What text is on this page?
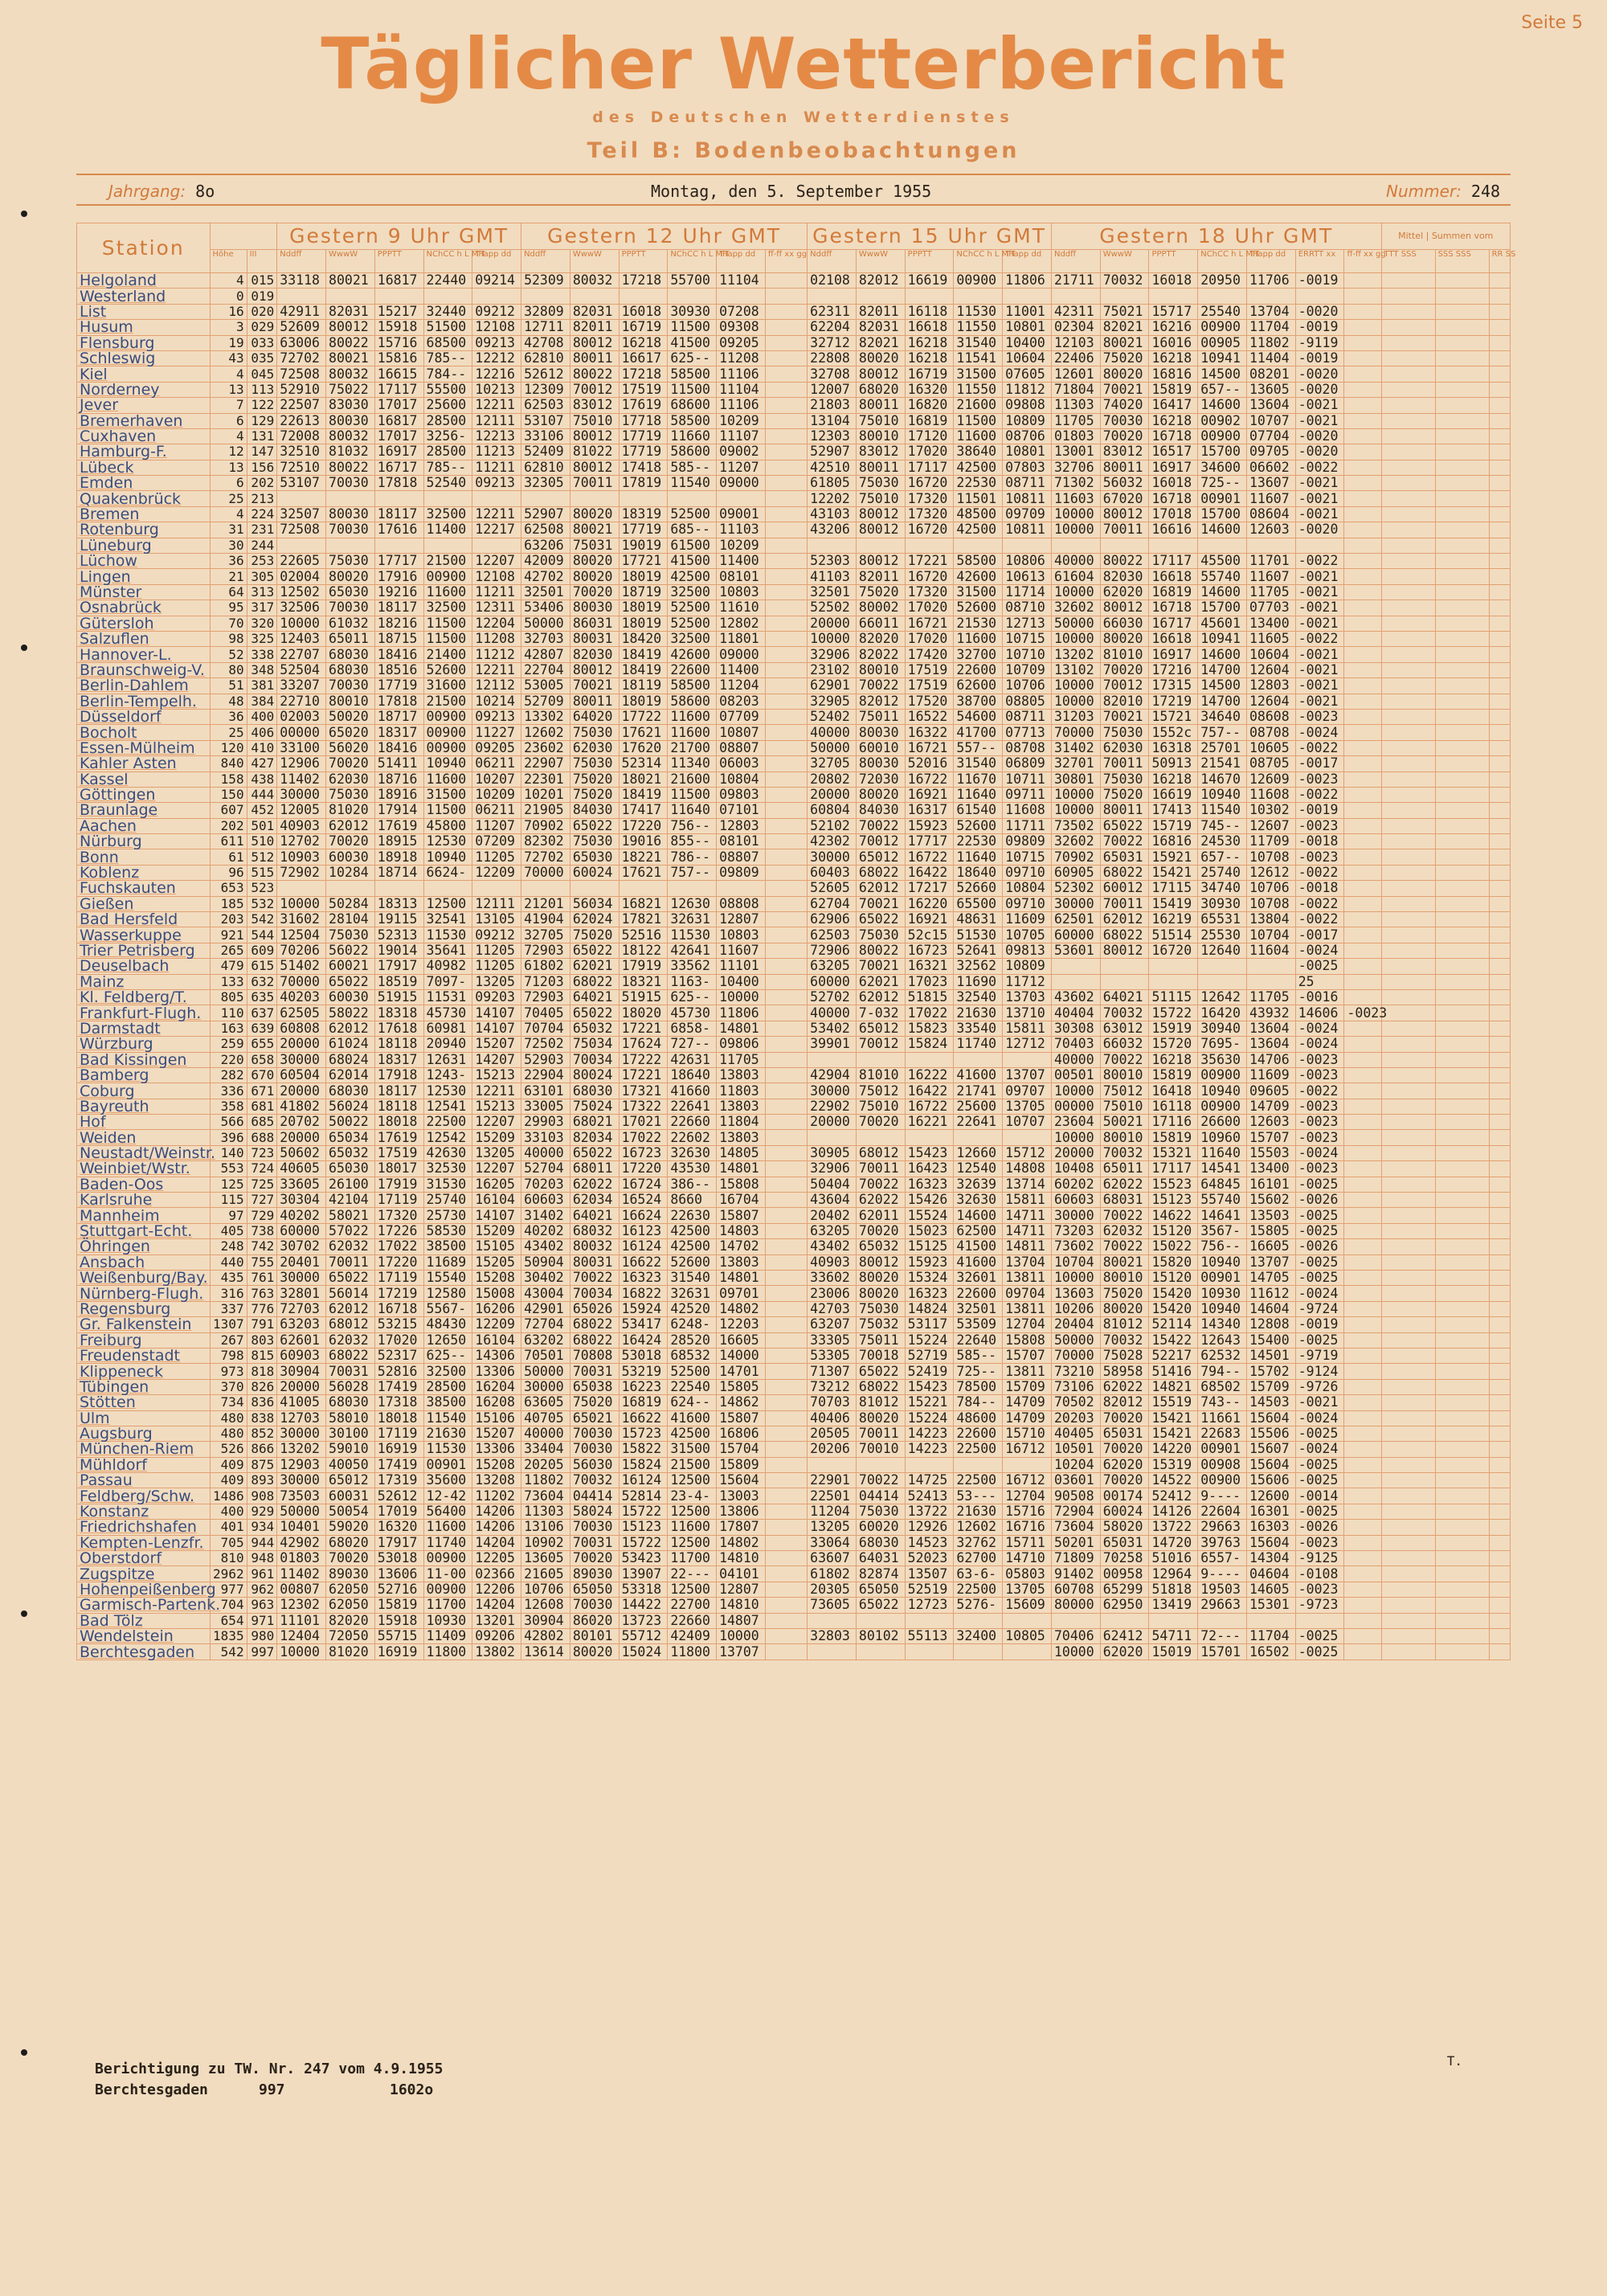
Seite 5
Täglicher Wetterbericht
des Deutschen Wetterdienstes
Teil B: Bodenbeobachtungen
Jahrgang: 8o	Montag, den 5. September 1955	Nummer: 248
Station			Gestern 9 Uhr GMT					Gestern 12 Uhr GMT						Gestern 15 Uhr GMT					Gestern 18 Uhr GMT							Mittel | Summen vom		
	Höhe	III	Nddff	WwwW	PPPTT	NChCC h L MH	TTapp dd	Nddff	WwwW	PPPTT	NChCC h L MH	TTapp dd	ff-ff xx gg	Nddff	WwwW	PPPTT	NChCC h L MH	TTapp dd	Nddff	WwwW	PPPTT	NChCC h L MH	TTapp dd	ERRTT xx	ff-ff xx gg	TTT SSS	SSS SSS	RR SS
Helgoland	4	015	33118	80021	16817	22440	09214	52309	80032	17218	55700	11104		02108	82012	16619	00900	11806	21711	70032	16018	20950	11706	-0019				
Westerland	0	019																										
List	16	020	42911	82031	15217	32440	09212	32809	82031	16018	30930	07208		62311	82011	16118	11530	11001	42311	75021	15717	25540	13704	-0020				
Husum	3	029	52609	80012	15918	51500	12108	12711	82011	16719	11500	09308		62204	82031	16618	11550	10801	02304	82021	16216	00900	11704	-0019				
Flensburg	19	033	63006	80022	15716	68500	09213	42708	80012	16218	41500	09205		32712	82021	16218	31540	10400	12103	80021	16016	00905	11802	-9119				
Schleswig	43	035	72702	80021	15816	785--	12212	62810	80011	16617	625--	11208		22808	80020	16218	11541	10604	22406	75020	16218	10941	11404	-0019				
Kiel	4	045	72508	80032	16615	784--	12216	52612	80022	17218	58500	11106		32708	80012	16719	31500	07605	12601	80020	16816	14500	08201	-0020				
Norderney	13	113	52910	75022	17117	55500	10213	12309	70012	17519	11500	11104		12007	68020	16320	11550	11812	71804	70021	15819	657--	13605	-0020				
Jever	7	122	22507	83030	17017	25600	12211	62503	83012	17619	68600	11106		21803	80011	16820	21600	09808	11303	74020	16417	14600	13604	-0021				
Bremerhaven	6	129	22613	80030	16817	28500	12111	53107	75010	17718	58500	10209		13104	75010	16819	11500	10809	11705	70030	16218	00902	10707	-0021				
Cuxhaven	4	131	72008	80032	17017	3256-	12213	33106	80012	17719	11660	11107		12303	80010	17120	11600	08706	01803	70020	16718	00900	07704	-0020				
Hamburg-F.	12	147	32510	81032	16917	28500	11213	52409	81022	17719	58600	09002		52907	83012	17020	38640	10801	13001	83012	16517	15700	09705	-0020				
Lübeck	13	156	72510	80022	16717	785--	11211	62810	80012	17418	585--	11207		42510	80011	17117	42500	07803	32706	80011	16917	34600	06602	-0022				
Emden	6	202	53107	70030	17818	52540	09213	32305	70011	17819	11540	09000		61805	75030	16720	22530	08711	71302	56032	16018	725--	13607	-0021				
Quakenbrück	25	213												12202	75010	17320	11501	10811	11603	67020	16718	00901	11607	-0021				
Bremen	4	224	32507	80030	18117	32500	12211	52907	80020	18319	52500	09001		43103	80012	17320	48500	09709	10000	80012	17018	15700	08604	-0021				
Rotenburg	31	231	72508	70030	17616	11400	12217	62508	80021	17719	685--	11103		43206	80012	16720	42500	10811	10000	70011	16616	14600	12603	-0020				
Lüneburg	30	244						63206	75031	19019	61500	10209																
Lüchow	36	253	22605	75030	17717	21500	12207	42009	80020	17721	41500	11400		52303	80012	17221	58500	10806	40000	80022	17117	45500	11701	-0022				
Lingen	21	305	02004	80020	17916	00900	12108	42702	80020	18019	42500	08101		41103	82011	16720	42600	10613	61604	82030	16618	55740	11607	-0021				
Münster	64	313	12502	65030	19216	11600	11211	32501	70020	18719	32500	10803		32501	75020	17320	31500	11714	10000	62020	16819	14600	11705	-0021				
Osnabrück	95	317	32506	70030	18117	32500	12311	53406	80030	18019	52500	11610		52502	80002	17020	52600	08710	32602	80012	16718	15700	07703	-0021				
Gütersloh	70	320	10000	61032	18216	11500	12204	50000	86031	18019	52500	12802		20000	66011	16721	21530	12713	50000	66030	16717	45601	13400	-0021				
Salzuflen	98	325	12403	65011	18715	11500	11208	32703	80031	18420	32500	11801		10000	82020	17020	11600	10715	10000	80020	16618	10941	11605	-0022				
Hannover-L.	52	338	22707	68030	18416	21400	11212	42807	82030	18419	42600	09000		32906	82022	17420	32700	10710	13202	81010	16917	14600	10604	-0021				
Braunschweig-V.	80	348	52504	68030	18516	52600	12211	22704	80012	18419	22600	11400		23102	80010	17519	22600	10709	13102	70020	17216	14700	12604	-0021				
Berlin-Dahlem	51	381	33207	70030	17719	31600	12112	53005	70021	18119	58500	11204		62901	70022	17519	62600	10706	10000	70012	17315	14500	12803	-0021				
Berlin-Tempelh.	48	384	22710	80010	17818	21500	10214	52709	80011	18019	58600	08203		32905	82012	17520	38700	08805	10000	82010	17219	14700	12604	-0021				
Düsseldorf	36	400	02003	50020	18717	00900	09213	13302	64020	17722	11600	07709		52402	75011	16522	54600	08711	31203	70021	15721	34640	08608	-0023				
Bocholt	25	406	00000	65020	18317	00900	11227	12602	75030	17621	11600	10807		40000	80030	16322	41700	07713	70000	75030	1552c	757--	08708	-0024				
Essen-Mülheim	120	410	33100	56020	18416	00900	09205	23602	62030	17620	21700	08807		50000	60010	16721	557--	08708	31402	62030	16318	25701	10605	-0022				
Kahler Asten	840	427	12906	70020	51411	10940	06211	22907	75030	52314	11340	06003		32705	80030	52016	31540	06809	32701	70011	50913	21541	08705	-0017				
Kassel	158	438	11402	62030	18716	11600	10207	22301	75020	18021	21600	10804		20802	72030	16722	11670	10711	30801	75030	16218	14670	12609	-0023				
Göttingen	150	444	30000	75030	18916	31500	10209	10201	75020	18419	11500	09803		20000	80020	16921	11640	09711	10000	75020	16619	10940	11608	-0022				
Braunlage	607	452	12005	81020	17914	11500	06211	21905	84030	17417	11640	07101		60804	84030	16317	61540	11608	10000	80011	17413	11540	10302	-0019				
Aachen	202	501	40903	62012	17619	45800	11207	70902	65022	17220	756--	12803		52102	70022	15923	52600	11711	73502	65022	15719	745--	12607	-0023				
Nürburg	611	510	12702	70020	18915	12530	07209	82302	75030	19016	855--	08101		42302	70012	17717	22530	09809	32602	70022	16816	24530	11709	-0018				
Bonn	61	512	10903	60030	18918	10940	11205	72702	65030	18221	786--	08807		30000	65012	16722	11640	10715	70902	65031	15921	657--	10708	-0023				
Koblenz	96	515	72902	10284	18714	6624-	12209	70000	60024	17621	757--	09809		60403	68022	16422	18640	09710	60905	68022	15421	25740	12612	-0022				
Fuchskauten	653	523												52605	62012	17217	52660	10804	52302	60012	17115	34740	10706	-0018				
Gießen	185	532	10000	50284	18313	12500	12111	21201	56034	16821	12630	08808		62704	70021	16220	65500	09710	30000	70011	15419	30930	10708	-0022				
Bad Hersfeld	203	542	31602	28104	19115	32541	13105	41904	62024	17821	32631	12807		62906	65022	16921	48631	11609	62501	62012	16219	65531	13804	-0022				
Wasserkuppe	921	544	12504	75030	52313	11530	09212	32705	75020	52516	11530	10803		62503	75030	52c15	51530	10705	60000	68022	51514	25530	10704	-0017				
Trier Petrisberg	265	609	70206	56022	19014	35641	11205	72903	65022	18122	42641	11607		72906	80022	16723	52641	09813	53601	80012	16720	12640	11604	-0024				
Deuselbach	479	615	51402	60021	17917	40982	11205	61802	62021	17919	33562	11101		63205	70021	16321	32562	10809						-0025				
Mainz	133	632	70000	65022	18519	7097-	13205	71203	68022	18321	1163-	10400		60000	62021	17023	11690	11712						25				
Kl. Feldberg/T.	805	635	40203	60030	51915	11531	09203	72903	64021	51915	625--	10000		52702	62012	51815	32540	13703	43602	64021	51115	12642	11705	-0016				
Frankfurt-Flugh.	110	637	62505	58022	18318	45730	14107	70405	65022	18020	45730	11806		40000	7-032	17022	21630	13710	40404	70032	15722	16420	43932	14606	-0023			
Darmstadt	163	639	60808	62012	17618	60981	14107	70704	65032	17221	6858-	14801		53402	65012	15823	33540	15811	30308	63012	15919	30940	13604	-0024				
Würzburg	259	655	20000	61024	18118	20940	15207	72502	75034	17624	727--	09806		39901	70012	15824	11740	12712	70403	66032	15720	7695-	13604	-0024				
Bad Kissingen	220	658	30000	68024	18317	12631	14207	52903	70034	17222	42631	11705							40000	70022	16218	35630	14706	-0023				
Bamberg	282	670	60504	62014	17918	1243-	15213	22904	80024	17221	18640	13803		42904	81010	16222	41600	13707	00501	80010	15819	00900	11609	-0023				
Coburg	336	671	20000	68030	18117	12530	12211	63101	68030	17321	41660	11803		30000	75012	16422	21741	09707	10000	75012	16418	10940	09605	-0022				
Bayreuth	358	681	41802	56024	18118	12541	15213	33005	75024	17322	22641	13803		22902	75010	16722	25600	13705	00000	75010	16118	00900	14709	-0023				
Hof	566	685	20702	50022	18018	22500	12207	29903	68021	17021	22660	11804		20000	70020	16221	22641	10707	23604	50021	17116	26600	12603	-0023				
Weiden	396	688	20000	65034	17619	12542	15209	33103	82034	17022	22602	13803							10000	80010	15819	10960	15707	-0023				
Neustadt/Weinstr.	140	723	50602	65032	17519	42630	13205	40000	65022	16723	32630	14805		30905	68012	15423	12660	15712	20000	70032	15321	11640	15503	-0024				
Weinbiet/Wstr.	553	724	40605	65030	18017	32530	12207	52704	68011	17220	43530	14801		32906	70011	16423	12540	14808	10408	65011	17117	14541	13400	-0023				
Baden-Oos	125	725	33605	26100	17919	31530	16205	70203	62022	16724	386--	15808		50404	70022	16323	32639	13714	60202	62022	15523	64845	16101	-0025				
Karlsruhe	115	727	30304	42104	17119	25740	16104	60603	62034	16524	8660	16704		43604	62022	15426	32630	15811	60603	68031	15123	55740	15602	-0026				
Mannheim	97	729	40202	58021	17320	25730	14107	31402	64021	16624	22630	15807		20402	62011	15524	14600	14711	30000	70022	14622	14641	13503	-0025				
Stuttgart-Echt.	405	738	60000	57022	17226	58530	15209	40202	68032	16123	42500	14803		63205	70020	15023	62500	14711	73203	62032	15120	3567-	15805	-0025				
Öhringen	248	742	30702	62032	17022	38500	15105	43402	80032	16124	42500	14702		43402	65032	15125	41500	14811	73602	70022	15022	756--	16605	-0026				
Ansbach	440	755	20401	70011	17220	11689	15205	50904	80031	16622	52600	13803		40903	80012	15923	41600	13704	10704	80021	15820	10940	13707	-0025				
Weißenburg/Bay.	435	761	30000	65022	17119	15540	15208	30402	70022	16323	31540	14801		33602	80020	15324	32601	13811	10000	80010	15120	00901	14705	-0025				
Nürnberg-Flugh.	316	763	32801	56014	17219	12580	15008	43004	70034	16822	32631	09701		23006	80020	16323	22600	09704	13603	75020	15420	10930	11612	-0024				
Regensburg	337	776	72703	62012	16718	5567-	16206	42901	65026	15924	42520	14802		42703	75030	14824	32501	13811	10206	80020	15420	10940	14604	-9724				
Gr. Falkenstein	1307	791	63203	68012	53215	48430	12209	72704	68022	53417	6248-	12203		63207	75032	53117	53509	12704	20404	81012	52114	14340	12808	-0019				
Freiburg	267	803	62601	62032	17020	12650	16104	63202	68022	16424	28520	16605		33305	75011	15224	22640	15808	50000	70032	15422	12643	15400	-0025				
Freudenstadt	798	815	60903	68022	52317	625--	14306	70501	70808	53018	68532	14000		53305	70018	52719	585--	15707	70000	75028	52217	62532	14501	-9719				
Klippeneck	973	818	30904	70031	52816	32500	13306	50000	70031	53219	52500	14701		71307	65022	52419	725--	13811	73210	58958	51416	794--	15702	-9124				
Tübingen	370	826	20000	56028	17419	28500	16204	30000	65038	16223	22540	15805		73212	68022	15423	78500	15709	73106	62022	14821	68502	15709	-9726				
Stötten	734	836	41005	68030	17318	38500	16208	63605	75020	16819	624--	14862		70703	81012	15221	784--	14709	70502	82012	15519	743--	14503	-0021				
Ulm	480	838	12703	58010	18018	11540	15106	40705	65021	16622	41600	15807		40406	80020	15224	48600	14709	20203	70020	15421	11661	15604	-0024				
Augsburg	480	852	30000	30100	17119	21630	15207	40000	70030	15723	42500	16806		20505	70011	14223	22600	15710	40405	65031	15421	22683	15506	-0025				
München-Riem	526	866	13202	59010	16919	11530	13306	33404	70030	15822	31500	15704		20206	70010	14223	22500	16712	10501	70020	14220	00901	15607	-0024				
Mühldorf	409	875	12903	40050	17419	00901	15208	20205	56030	15824	21500	15809							10204	62020	15319	00908	15604	-0025				
Passau	409	893	30000	65012	17319	35600	13208	11802	70032	16124	12500	15604		22901	70022	14725	22500	16712	03601	70020	14522	00900	15606	-0025				
Feldberg/Schw.	1486	908	73503	60031	52612	12-42	11202	73604	04414	52814	23-4-	13003		22501	04414	52413	53---	12704	90508	00174	52412	9----	12600	-0014				
Konstanz	400	929	50000	50054	17019	56400	14206	11303	58024	15722	12500	13806		11204	75030	13722	21630	15716	72904	60024	14126	22604	16301	-0025				
Friedrichshafen	401	934	10401	59020	16320	11600	14206	13106	70030	15123	11600	17807		13205	60020	12926	12602	16716	73604	58020	13722	29663	16303	-0026				
Kempten-Lenzfr.	705	944	42902	68020	17917	11740	14204	10902	70031	15722	12500	14802		33064	68030	14523	32762	15711	50201	65031	14720	39763	15604	-0023				
Oberstdorf	810	948	01803	70020	53018	00900	12205	13605	70020	53423	11700	14810		63607	64031	52023	62700	14710	71809	70258	51016	6557-	14304	-9125				
Zugspitze	2962	961	11402	89030	13606	11-00	02366	21605	89030	13907	22---	04101		61802	82874	13507	63-6-	05803	91402	00958	12964	9----	04604	-0108				
Hohenpeißenberg	977	962	00807	62050	52716	00900	12206	10706	65050	53318	12500	12807		20305	65050	52519	22500	13705	60708	65299	51818	19503	14605	-0023				
Garmisch-Partenk.	704	963	12302	62050	15819	11700	14204	12608	70030	14422	22700	14810		73605	65022	12723	5276-	15609	80000	62950	13419	29663	15301	-9723				
Bad Tölz	654	971	11101	82020	15918	10930	13201	30904	86020	13723	22660	14807																
Wendelstein	1835	980	12404	72050	55715	11409	09206	42802	80101	55712	42409	10000		32803	80102	55113	32400	10805	70406	62412	54711	72---	11704	-0025				
Berchtesgaden	542	997	10000	81020	16919	11800	13802	13614	80020	15024	11800	13707							10000	62020	15019	15701	16502	-0025				
Berichtigung zu TW. Nr. 247 vom 4.9.1955
Berchtesgaden	997	1602o
T.
